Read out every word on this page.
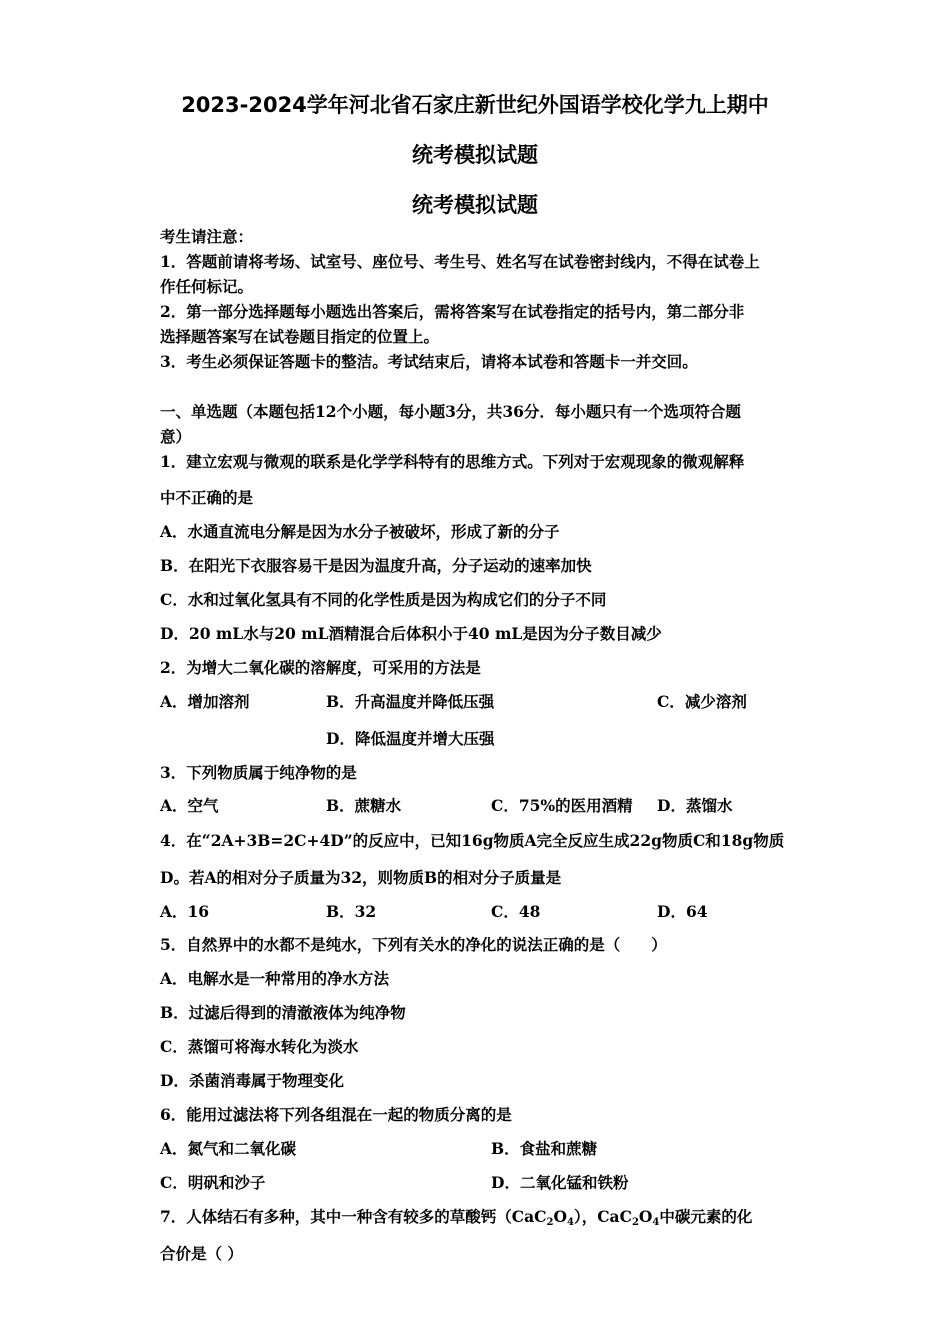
2023-2024学年河北省石家庄新世纪外国语学校化学九上期中
统考模拟试题
统考模拟试题
考生请注意：
1．答题前请将考场、试室号、座位号、考生号、姓名写在试卷密封线内，不得在试卷上
作任何标记。
2．第一部分选择题每小题选出答案后，需将答案写在试卷指定的括号内，第二部分非
选择题答案写在试卷题目指定的位置上。
3．考生必须保证答题卡的整洁。考试结束后，请将本试卷和答题卡一并交回。
一、单选题（本题包括12个小题，每小题3分，共36分．每小题只有一个选项符合题
意）
1．建立宏观与微观的联系是化学学科特有的思维方式。下列对于宏观现象的微观解释
中不正确的是
A．水通直流电分解是因为水分子被破坏，形成了新的分子
B．在阳光下衣服容易干是因为温度升高，分子运动的速率加快
C．水和过氧化氢具有不同的化学性质是因为构成它们的分子不同
D．20 mL水与20 mL酒精混合后体积小于40 mL是因为分子数目减少
2．为增大二氧化碳的溶解度，可采用的方法是
A．增加溶剂	B．升高温度并降低压强	C．减少溶剂
D．降低温度并增大压强
3．下列物质属于纯净物的是
A．空气	B．蔗糖水	C．75%的医用酒精 D．蒸馏水
4．在“2A+3B=2C+4D”的反应中，已知16g物质A完全反应生成22g物质C和18g物质
D。若A的相对分子质量为32，则物质B的相对分子质量是
A．16	B．32	C．48	D．64
5．自然界中的水都不是纯水，下列有关水的净化的说法正确的是（　　）
A．电解水是一种常用的净水方法
B．过滤后得到的清澈液体为纯净物
C．蒸馏可将海水转化为淡水
D．杀菌消毒属于物理变化
6．能用过滤法将下列各组混在一起的物质分离的是
A．氮气和二氧化碳	B．食盐和蔗糖
C．明矾和沙子	D．二氧化锰和铁粉
7．人体结石有多种，其中一种含有较多的草酸钙$(CaC_2O_4)$，$CaC_2O_4$中碳元素的化
合价是（ ）
